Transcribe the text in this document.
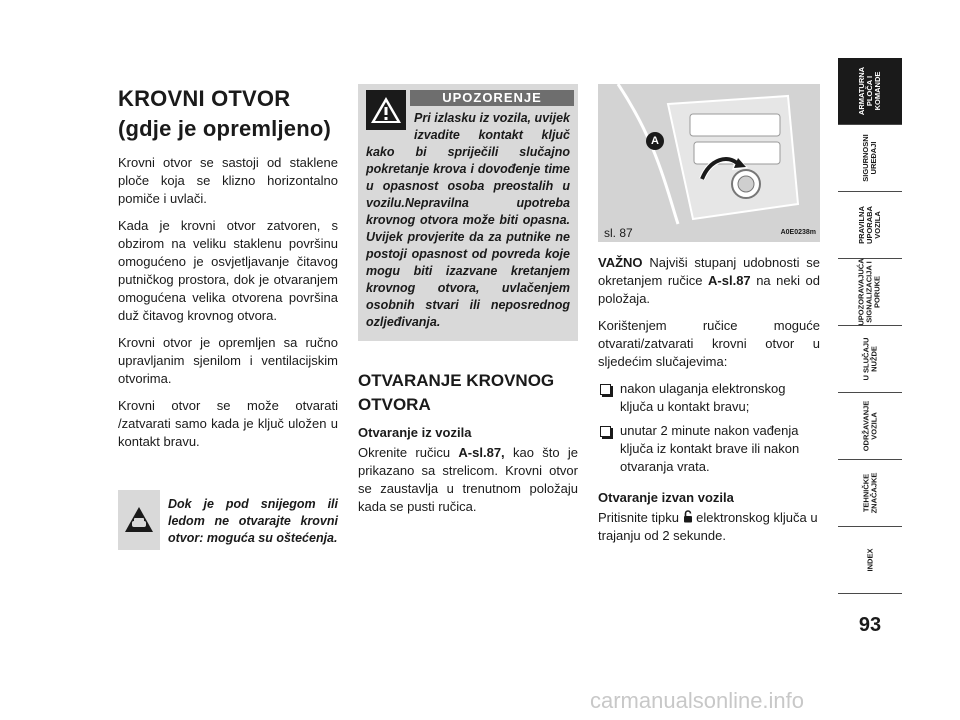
KROVNI OTVOR
(gdje je opremljeno)

Krovni otvor se sastoji od staklene ploče koja se klizno horizontalno pomiče i uvlači.

Kada je krovni otvor zatvoren, s obzirom na veliku staklenu površinu omogućeno je osvjetljavanje čitavog putničkog prostora, dok je otvaranjem omogućena velika otvorena površina duž čitavog krovnog otvora.

Krovni otvor je opremljen sa ručno upravljanim sjenilom i ventilacijskim otvorima.

Krovni otvor se može otvarati /zatvarati samo kada je ključ uložen u kontakt bravu.

Dok je pod snijegom ili ledom ne otvarajte krovni otvor: moguća su oštećenja.

UPOZORENJE

Pri izlasku iz vozila, uvijek izvadite kontakt ključ kako bi spriječili slučajno pokretanje krova i dovođenje time u opasnost osoba preostalih u vozilu.Nepravilna upotreba krovnog otvora može biti opasna. Uvijek provjerite da za putnike ne postoji opasnost od povreda koje mogu biti izazvane kretanjem krovnog otvora, uvlačenjem osobnih stvari ili neposrednog ozljeđivanja.

OTVARANJE KROVNOG
OTVORA
Otvaranje iz vozila

Okrenite ručicu A-sl.87, kao što je prikazano sa strelicom. Krovni otvor se zaustavlja u trenutnom položaju kada se pusti ručica.

A
sl. 87	A0E0238m

VAŽNO Najviši stupanj udobnosti se okretanjem ručice A-sl.87 na neki od položaja.

Korištenjem ručice moguće otvarati/zatvarati krovni otvor u sljedećim slučajevima:

nakon ulaganja elektronskog ključa u kontakt bravu;
unutar 2 minute nakon vađenja ključa iz kontakt brave ili nakon otvaranja vrata.
Otvaranje izvan vozila

Pritisnite tipku  elektronskog ključa u trajanju od 2 sekunde.

ARMATURNA
PLOČA I
KOMANDE
SIGURNOSNI
UREĐAJI
PRAVILNA
UPORABA
VOZILA
UPOZORAVAJUĆA
SIGNALIZACIJA I
PORUKE
U SLUČAJU
NUŽDE
ODRŽAVANJE
VOZILA
TEHNIČKE
ZNAČAJKE
INDEX
93
carmanualsonline.info
